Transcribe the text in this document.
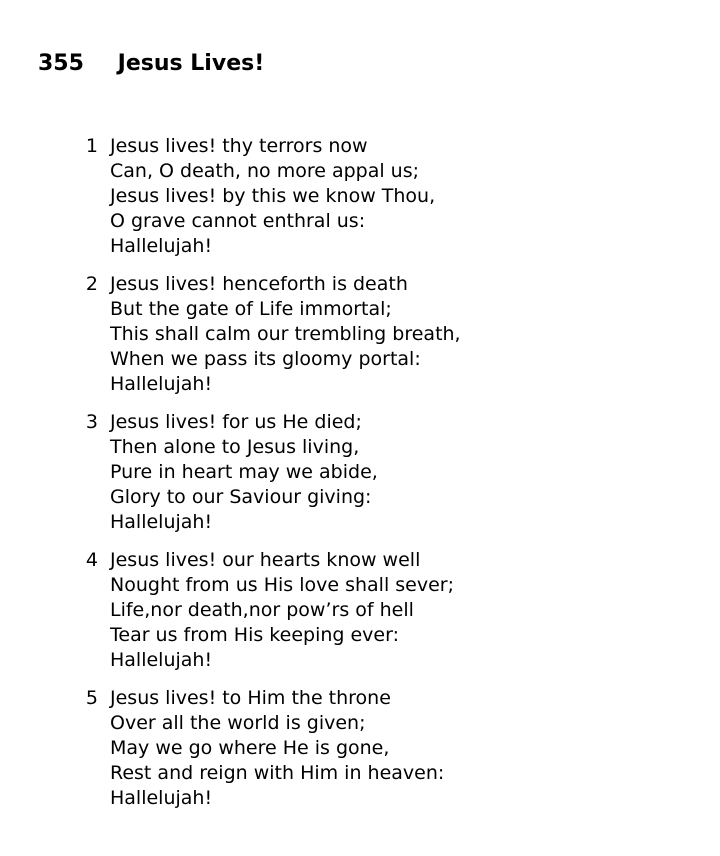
355 Jesus Lives!
1 Jesus lives! thy terrors now
Can, O death, no more appal us;
Jesus lives! by this we know Thou,
O grave cannot enthral us:
Hallelujah!
2 Jesus lives! henceforth is death
But the gate of Life immortal;
This shall calm our trembling breath,
When we pass its gloomy portal:
Hallelujah!
3 Jesus lives! for us He died;
Then alone to Jesus living,
Pure in heart may we abide,
Glory to our Saviour giving:
Hallelujah!
4 Jesus lives! our hearts know well
Nought from us His love shall sever;
Life,nor death,nor pow’rs of hell
Tear us from His keeping ever:
Hallelujah!
5 Jesus lives! to Him the throne
Over all the world is given;
May we go where He is gone,
Rest and reign with Him in heaven:
Hallelujah!
